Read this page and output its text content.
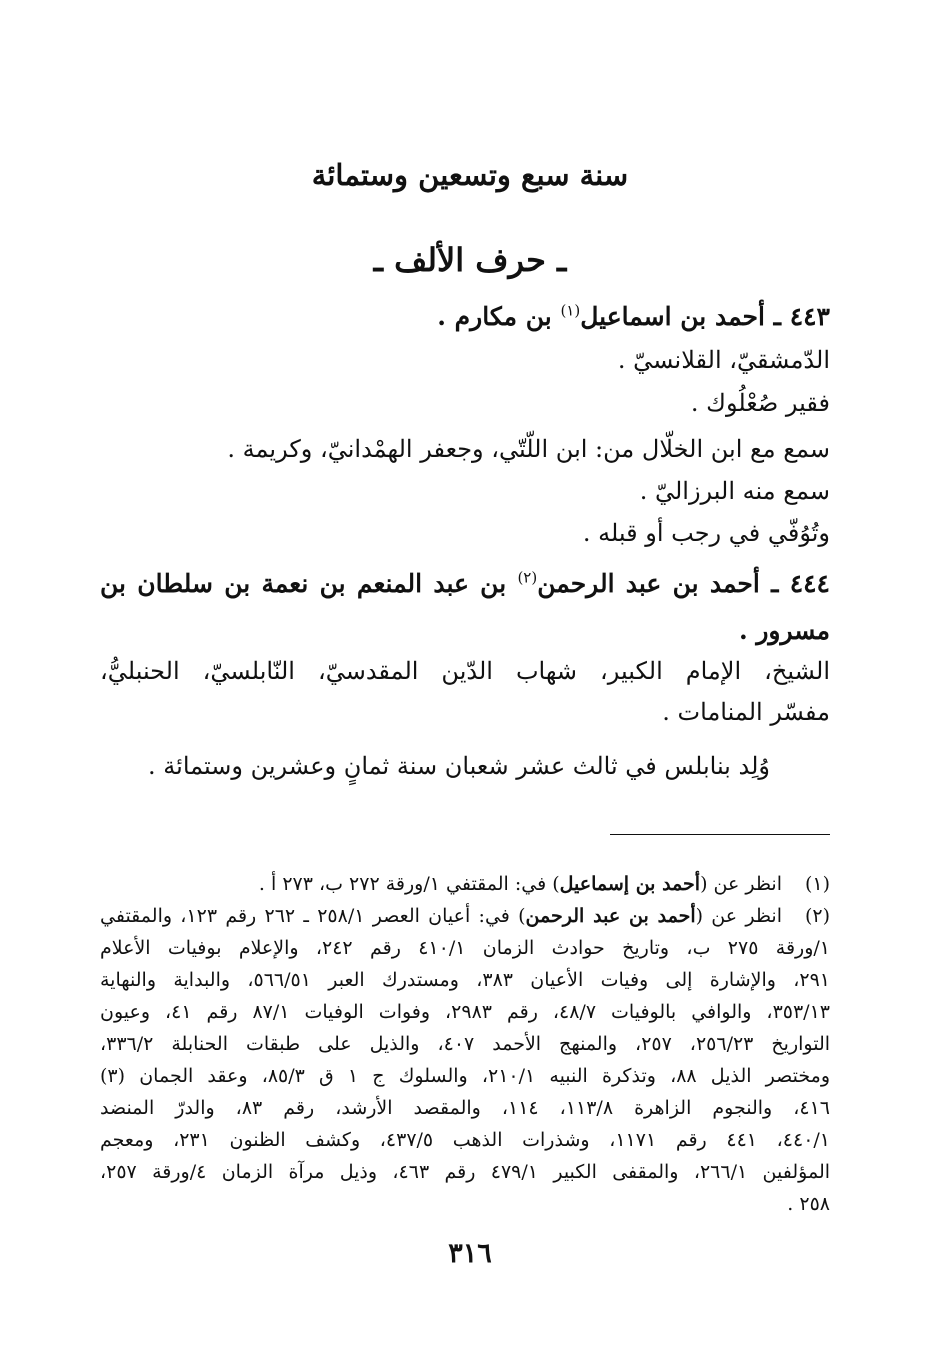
سنة سبع وتسعين وستمائة
ـ حرف الألف ـ
٤٤٣ ـ أحمد بن اسماعيل$^{(١)}$ بن مكارم .
الدّمشقيّ، القلانسيّ .
فقير صُعْلُوك .
سمع مع ابن الخلّال من: ابن اللّتّي، وجعفر الهمْدانيّ، وكريمة .
سمع منه البرزاليّ .
وتُوُفّي في رجب أو قبله .
٤٤٤ ـ أحمد بن عبد الرحمن$^{(٢)}$ بن عبد المنعم بن نعمة بن سلطان بن
مسرور .
الشيخ، الإمام الكبير، شهاب الدّين المقدسيّ، النّابلسيّ، الحنبليُّ،
مفسّر المنامات .
وُلِد بنابلس في ثالث عشر شعبان سنة ثمانٍ وعشرين وستمائة .
(١)
انظر عن (أحمد بن إسماعيل) في: المقتفي ١/ورقة ٢٧٢ ب، ٢٧٣ أ .
(٢)
انظر عن (أحمد بن عبد الرحمن) في: أعيان العصر ٢٥٨/١ ـ ٢٦٢ رقم ١٢٣، والمقتفي
١/ورقة ٢٧٥ ب، وتاريخ حوادث الزمان ٤١٠/١ رقم ٢٤٢، والإعلام بوفيات الأعلام
٢٩١، والإشارة إلى وفيات الأعيان ٣٨٣، ومستدرك العبر ٥٦٦/٥١، والبداية والنهاية
٣٥٣/١٣، والوافي بالوفيات ٤٨/٧، رقم ٢٩٨٣، وفوات الوفيات ٨٧/١ رقم ٤١، وعيون
التواريخ ٢٥٦/٢٣، ٢٥٧، والمنهج الأحمد ٤٠٧، والذيل على طبقات الحنابلة ٣٣٦/٢،
ومختصر الذيل ٨٨، وتذكرة النبيه ٢١٠/١، والسلوك ج ١ ق ٨٥/٣، وعقد الجمان (٣)
٤١٦، والنجوم الزاهرة ١١٣/٨، ١١٤، والمقصد الأرشد، رقم ٨٣، والدرّ المنضد
٤٤٠/١، ٤٤١ رقم ١١٧١، وشذرات الذهب ٤٣٧/٥، وكشف الظنون ٢٣١، ومعجم
المؤلفين ٢٦٦/١، والمقفى الكبير ٤٧٩/١ رقم ٤٦٣، وذيل مرآة الزمان ٤/ورقة ٢٥٧،
٢٥٨ .
٣١٦
